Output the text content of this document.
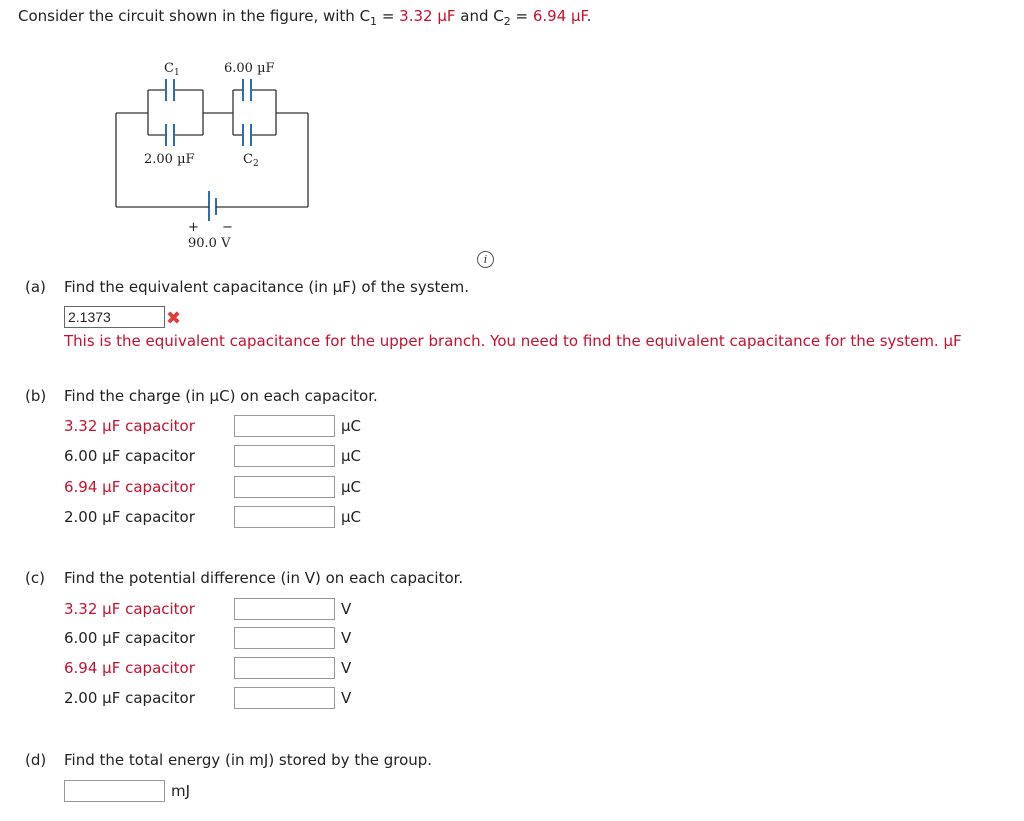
Consider the circuit shown in the figure, with $C_1 = 3.32$ µF and $C_2 = 6.94$ µF.
$C_1$	6.00 µF
2.00 µF	$C_2$
+ −
90.0 V
i
(a) Find the equivalent capacitance (in µF) of the system.
2.1373
✖
This is the equivalent capacitance for the upper branch. You need to find the equivalent capacitance for the system. µF
(b) Find the charge (in µC) on each capacitor.
3.32 µF capacitor	µC
6.00 µF capacitor	µC
6.94 µF capacitor	µC
2.00 µF capacitor	µC
(c) Find the potential difference (in V) on each capacitor.
3.32 µF capacitor	V
6.00 µF capacitor	V
6.94 µF capacitor	V
2.00 µF capacitor	V
(d) Find the total energy (in mJ) stored by the group.
mJ
